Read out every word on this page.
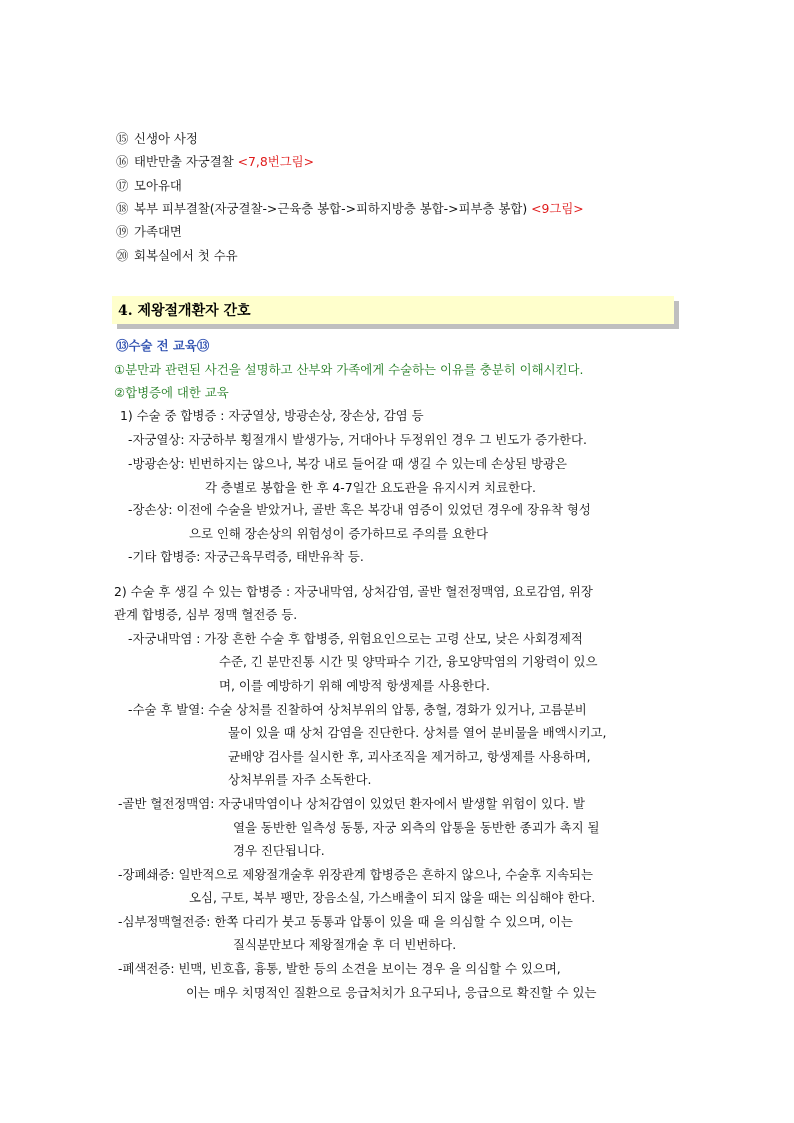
⑮ 신생아 사정
⑯ 태반만출 자궁결찰 <7,8번그림>
⑰ 모아유대
⑱ 복부 피부결찰(자궁결찰->근육층 봉합->피하지방층 봉합->피부층 봉합) <9그림>
⑲ 가족대면
⑳ 회복실에서 첫 수유
4. 제왕절개환자 간호
⑬수술 전 교육⑬
①분만과 관련된 사건을 설명하고 산부와 가족에게 수술하는 이유를 충분히 이해시킨다.
②합병증에 대한 교육
1) 수술 중 합병증 : 자궁열상, 방광손상, 장손상, 감염 등
-자궁열상: 자궁하부 횡절개시 발생가능, 거대아나 두정위인 경우 그 빈도가 증가한다.
-방광손상: 빈번하지는 않으나, 복강 내로 들어갈 때 생길 수 있는데 손상된 방광은
각 층별로 봉합을 한 후 4-7일간 요도관을 유지시켜 치료한다.
-장손상: 이전에 수술을 받았거나, 골반 혹은 복강내 염증이 있었던 경우에 장유착 형성
으로 인해 장손상의 위험성이 증가하므로 주의를 요한다
-기타 합병증: 자궁근육무력증, 태반유착 등.
2) 수술 후 생길 수 있는 합병증 : 자궁내막염, 상처감염, 골반 혈전정맥염, 요로감염, 위장
관계 합병증, 심부 정맥 혈전증 등.
-자궁내막염 : 가장 흔한 수술 후 합병증, 위험요인으로는 고령 산모, 낮은 사회경제적
수준, 긴 분만진통 시간 및 양막파수 기간, 융모양막염의 기왕력이 있으
며, 이를 예방하기 위해 예방적 항생제를 사용한다.
-수술 후 발열: 수술 상처를 진찰하여 상처부위의 압통, 충혈, 경화가 있거나, 고름분비
물이 있을 때 상처 감염을 진단한다. 상처를 열어 분비물을 배액시키고,
균배양 검사를 실시한 후, 괴사조직을 제거하고, 항생제를 사용하며,
상처부위를 자주 소독한다.
-골반 혈전정맥염: 자궁내막염이나 상처감염이 있었던 환자에서 발생할 위험이 있다. 발
열을 동반한 일측성 동통, 자궁 외측의 압통을 동반한 종괴가 촉지 될
경우 진단됩니다.
-장폐쇄증: 일반적으로 제왕절개술후 위장관계 합병증은 흔하지 않으나, 수술후 지속되는
오심, 구토, 복부 팽만, 장음소실, 가스배출이 되지 않을 때는 의심해야 한다.
-심부정맥혈전증: 한쪽 다리가 붓고 동통과 압통이 있을 때 을 의심할 수 있으며, 이는
질식분만보다 제왕절개술 후 더 빈번하다.
-폐색전증: 빈맥, 빈호흡, 흉통, 발한 등의 소견을 보이는 경우 을 의심할 수 있으며,
이는 매우 치명적인 질환으로 응급처치가 요구되나, 응급으로 확진할 수 있는
